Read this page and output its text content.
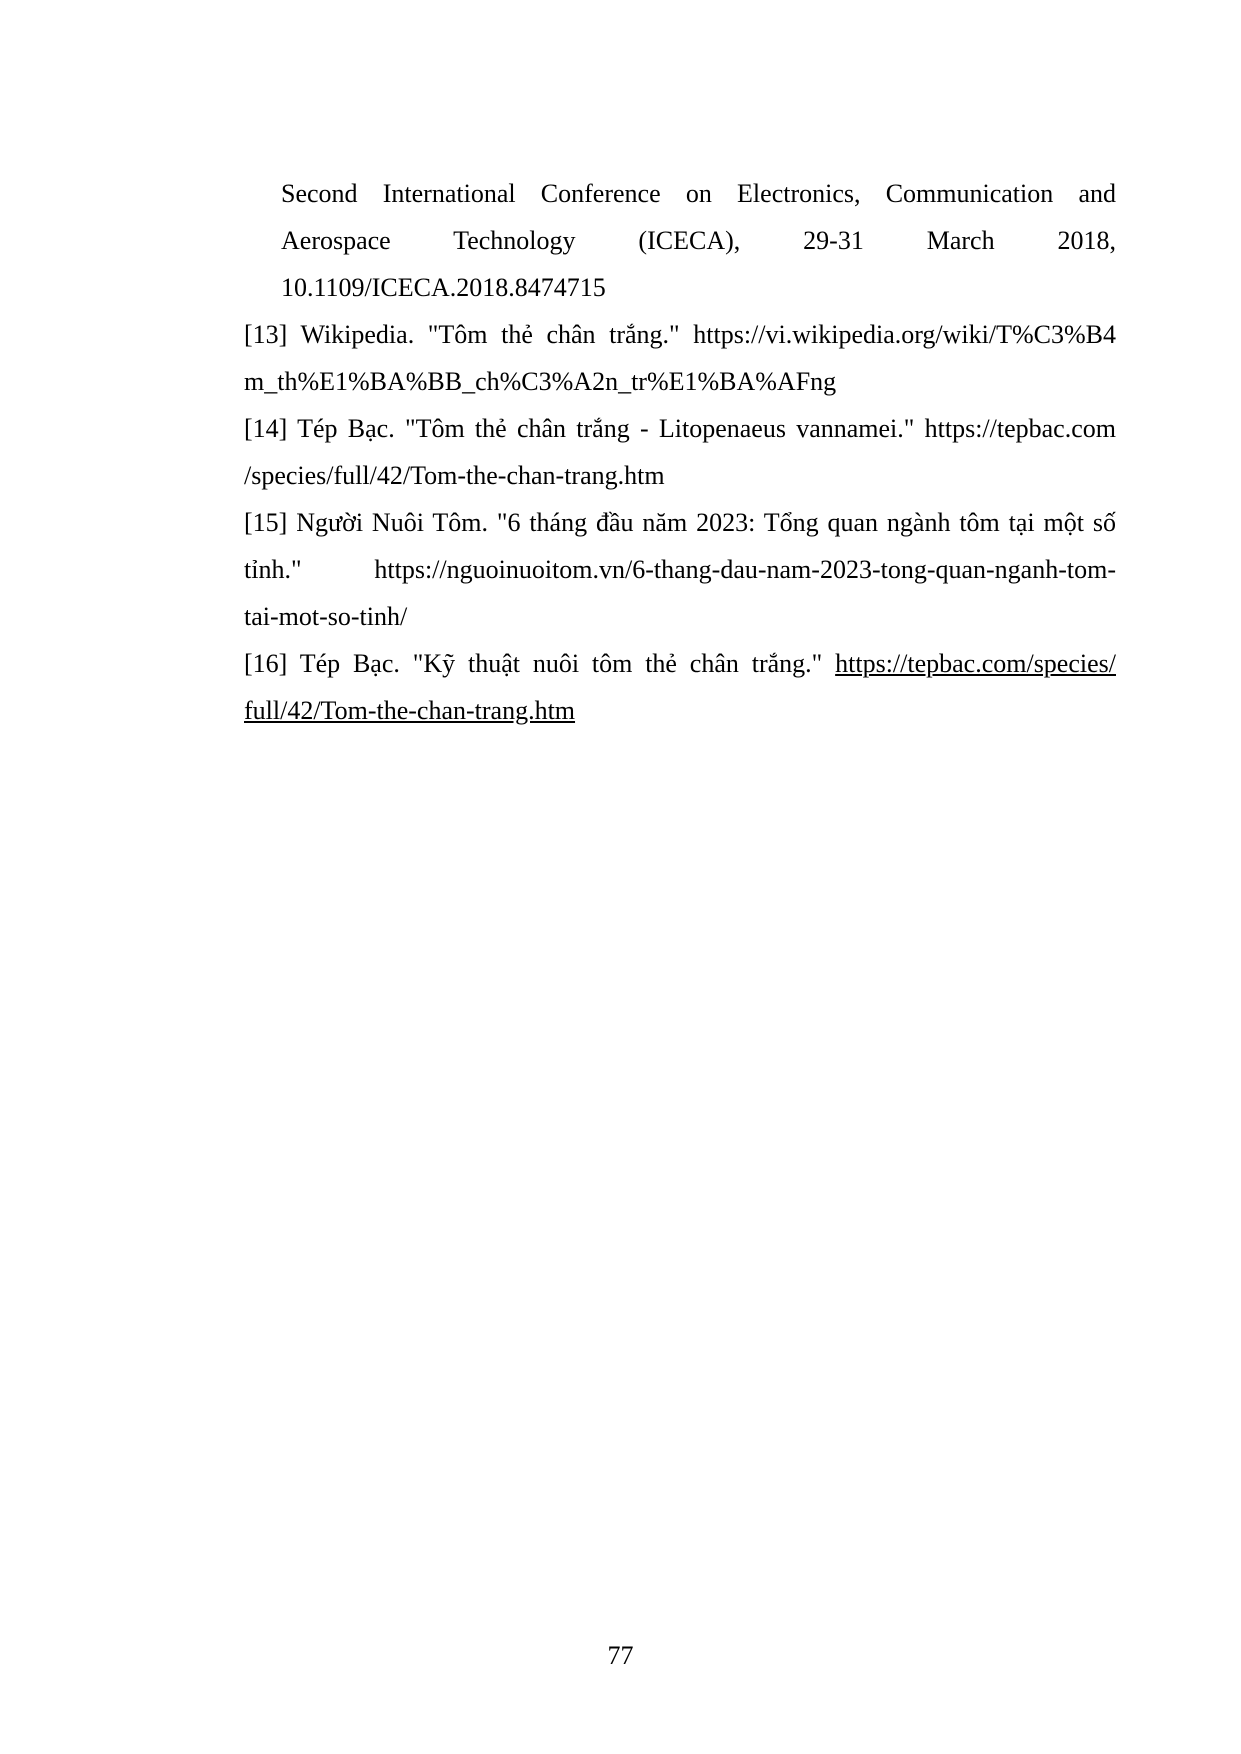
Second International Conference on Electronics, Communication and
Aerospace Technology (ICECA), 29-31 March 2018,
10.1109/ICECA.2018.8474715
[13] Wikipedia. "Tôm thẻ chân trắng." https://vi.wikipedia.org/wiki/T%C3%B4
m_th%E1%BA%BB_ch%C3%A2n_tr%E1%BA%AFng
[14] Tép Bạc. "Tôm thẻ chân trắng - Litopenaeus vannamei." https://tepbac.com
/species/full/42/Tom-the-chan-trang.htm
[15] Người Nuôi Tôm. "6 tháng đầu năm 2023: Tổng quan ngành tôm tại một số
tỉnh." https://nguoinuoitom.vn/6-thang-dau-nam-2023-tong-quan-nganh-tom-
tai-mot-so-tinh/
[16] Tép Bạc. "Kỹ thuật nuôi tôm thẻ chân trắng." https://tepbac.com/species/
full/42/Tom-the-chan-trang.htm
77
